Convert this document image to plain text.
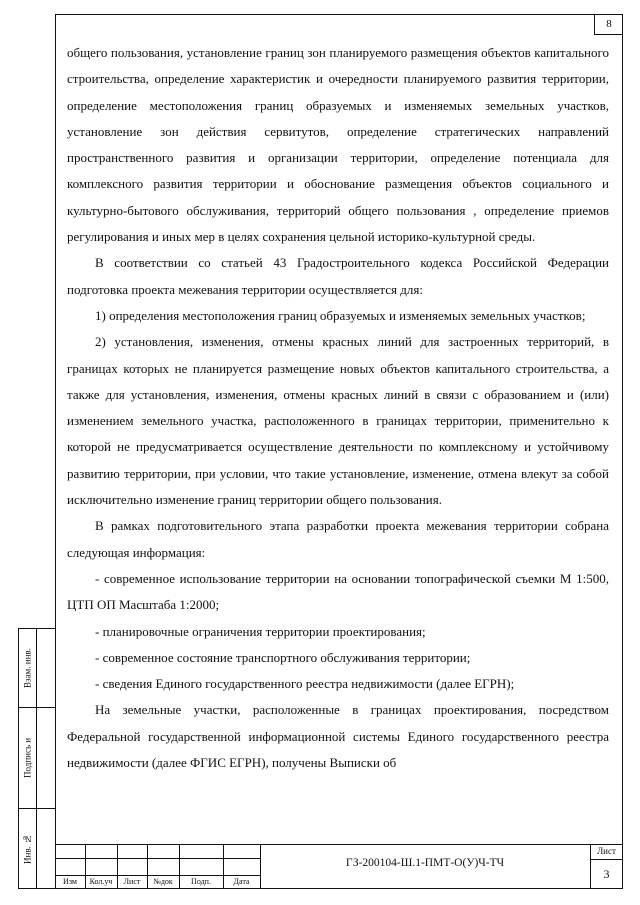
8

общего пользования, установление границ зон планируемого размещения объектов капитального строительства, определение характеристик и очередности планируемого развития территории, определение местоположения границ образуемых и изменяемых земельных участков, установление зон действия сервитутов, определение стратегических направлений пространственного развития и организации территории, определение потенциала для комплексного развития территории и обоснование размещения объектов социального и культурно-бытового обслуживания, территорий общего пользования , определение приемов регулирования и иных мер в целях сохранения цельной историко-культурной среды.

В соответствии со статьей 43 Градостроительного кодекса Российской Федерации подготовка проекта межевания территории осуществляется для:

1) определения местоположения границ образуемых и изменяемых земельных участков;

2) установления, изменения, отмены красных линий для застроенных территорий, в границах которых не планируется размещение новых объектов капитального строительства, а также для установления, изменения, отмены красных линий в связи с образованием и (или) изменением земельного участка, расположенного в границах территории, применительно к которой не предусматривается осуществление деятельности по комплексному и устойчивому развитию территории, при условии, что такие установление, изменение, отмена влекут за собой исключительно изменение границ территории общего пользования.

В рамках подготовительного этапа разработки проекта межевания территории собрана следующая информация:

- современное использование территории на основании топографической съемки М 1:500, ЦТП ОП Масштаба 1:2000;

- планировочные ограничения территории проектирования;

- современное состояние транспортного обслуживания территории;

- сведения Единого государственного реестра недвижимости (далее ЕГРН);

На земельные участки, расположенные в границах проектирования, посредством Федеральной государственной информационной системы Единого государственного реестра недвижимости (далее ФГИС ЕГРН), получены Выписки об

Взам. инв.
Подпись и
Инв. №
Изм	Кол.уч	Лист	№док	Подп.	Дата
ГЗ-200104-Ш.1-ПМТ-О(У)Ч-ТЧ
Лист
3
